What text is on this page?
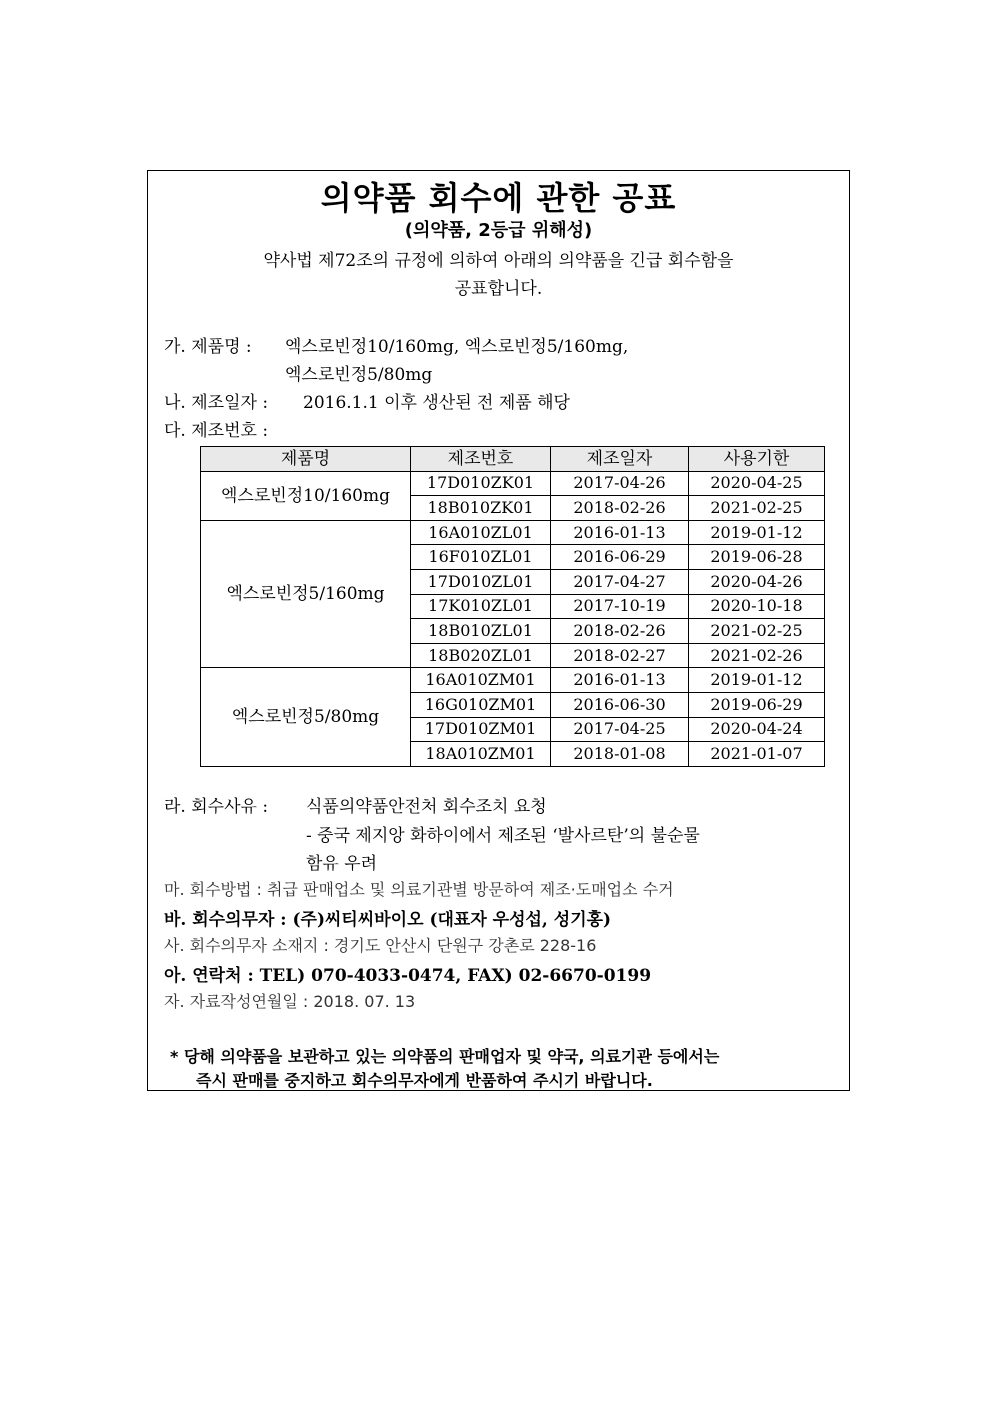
의약품 회수에 관한 공표
(의약품, 2등급 위해성)
약사법 제72조의 규정에 의하여 아래의 의약품을 긴급 회수함을
공표합니다.
가. 제품명 : 엑스로빈정10/160mg, 엑스로빈정5/160mg,
엑스로빈정5/80mg
나. 제조일자 : 2016.1.1 이후 생산된 전 제품 해당
다. 제조번호 :
제품명	제조번호	제조일자	사용기한
엑스로빈정10/160mg	17D010ZK01	2017-04-26	2020-04-25
	18B010ZK01	2018-02-26	2021-02-25
엑스로빈정5/160mg	16A010ZL01	2016-01-13	2019-01-12
	16F010ZL01	2016-06-29	2019-06-28
	17D010ZL01	2017-04-27	2020-04-26
	17K010ZL01	2017-10-19	2020-10-18
	18B010ZL01	2018-02-26	2021-02-25
	18B020ZL01	2018-02-27	2021-02-26
엑스로빈정5/80mg	16A010ZM01	2016-01-13	2019-01-12
	16G010ZM01	2016-06-30	2019-06-29
	17D010ZM01	2017-04-25	2020-04-24
	18A010ZM01	2018-01-08	2021-01-07
라. 회수사유 : 식품의약품안전처 회수조치 요청
- 중국 제지앙 화하이에서 제조된 ‘발사르탄’의 불순물
함유 우려
마. 회수방법 : 취급 판매업소 및 의료기관별 방문하여 제조·도매업소 수거
바. 회수의무자 : (주)씨티씨바이오 (대표자 우성섭, 성기홍)
사. 회수의무자 소재지 : 경기도 안산시 단원구 강촌로 228-16
아. 연락처 : TEL) 070-4033-0474, FAX) 02-6670-0199
자. 자료작성연월일 : 2018. 07. 13
* 당해 의약품을 보관하고 있는 의약품의 판매업자 및 약국, 의료기관 등에서는
즉시 판매를 중지하고 회수의무자에게 반품하여 주시기 바랍니다.
